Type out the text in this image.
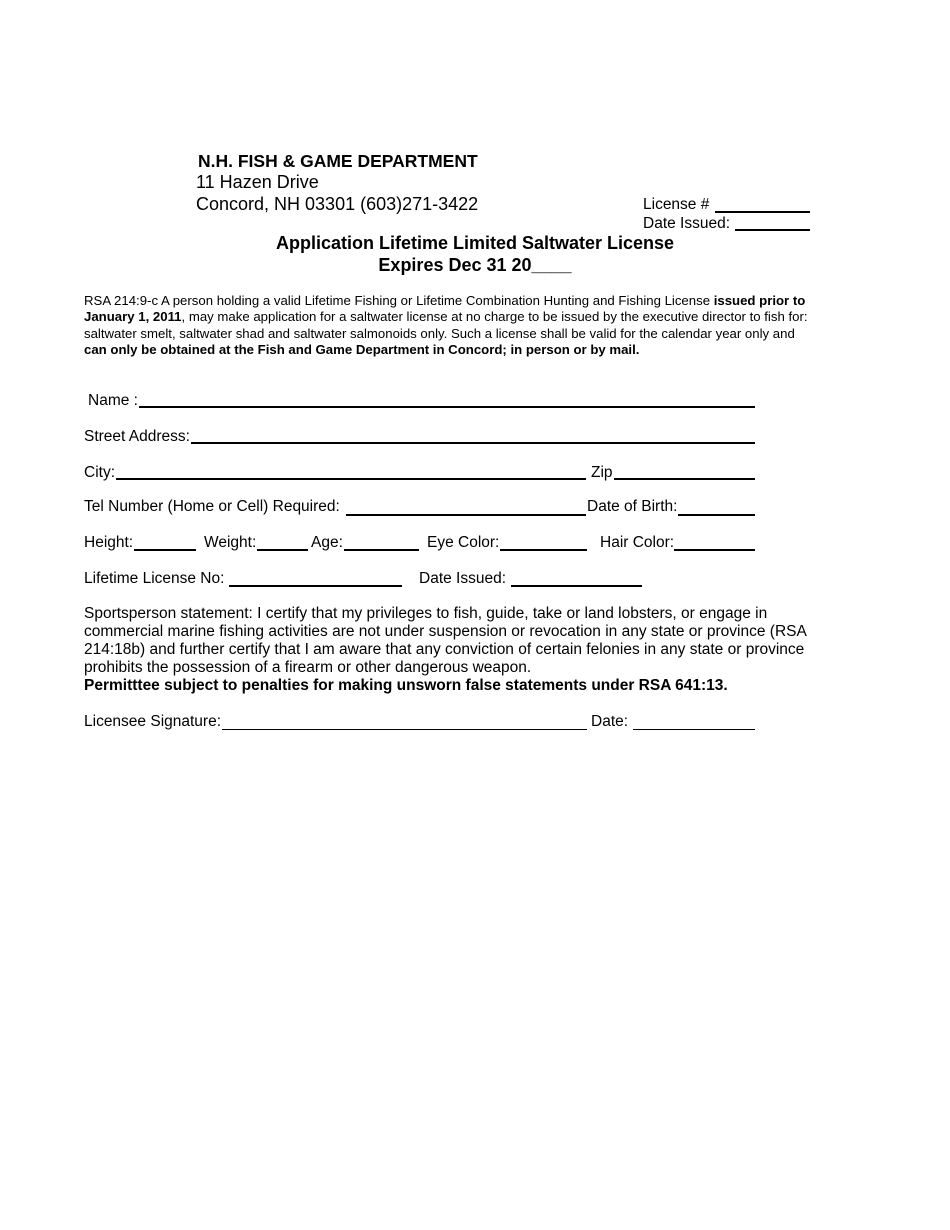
N.H. FISH & GAME DEPARTMENT
11 Hazen Drive
Concord, NH 03301 (603)271-3422	License #
Date Issued:
Application Lifetime Limited Saltwater License
Expires Dec 31 20____
RSA 214:9-c A person holding a valid Lifetime Fishing or Lifetime Combination Hunting and Fishing License issued prior to January 1, 2011, may make application for a saltwater license at no charge to be issued by the executive director to fish for: saltwater smelt, saltwater shad and saltwater salmonoids only. Such a license shall be valid for the calendar year only and can only be obtained at the Fish and Game Department in Concord; in person or by mail.
Name :
Street Address:
City:	Zip
Tel Number (Home or Cell) Required:	Date of Birth:
Height:	Weight:	Age:	Eye Color:	Hair Color:
Lifetime License No:	Date Issued:
Sportsperson statement: I certify that my privileges to fish, guide, take or land lobsters, or engage in commercial marine fishing activities are not under suspension or revocation in any state or province (RSA 214:18b) and further certify that I am aware that any conviction of certain felonies in any state or province prohibits the possession of a firearm or other dangerous weapon.
Permitttee subject to penalties for making unsworn false statements under RSA 641:13.
Licensee Signature:	Date:
